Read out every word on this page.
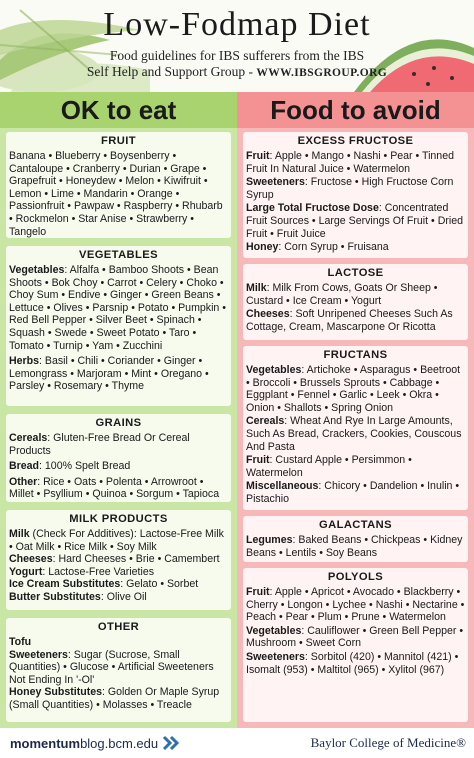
Low-Fodmap Diet
Food guidelines for IBS sufferers from the IBS
Self Help and Support Group - WWW.IBSGROUP.ORG
OK to eat
FRUIT

Banana • Blueberry • Boysenberry • Cantaloupe • Cranberry • Durian • Grape • Grapefruit • Honeydew • Melon • Kiwifruit • Lemon • Lime • Mandarin • Orange • Passionfruit • Pawpaw • Raspberry • Rhubarb • Rockmelon • Star Anise • Strawberry • Tangelo

VEGETABLES

Vegetables: Alfalfa • Bamboo Shoots • Bean Shoots • Bok Choy • Carrot • Celery • Choko • Choy Sum • Endive • Ginger • Green Beans • Lettuce • Olives • Parsnip • Potato • Pumpkin • Red Bell Pepper • Silver Beet • Spinach • Squash • Swede • Sweet Potato • Taro • Tomato • Turnip • Yam • Zucchini

Herbs: Basil • Chili • Coriander • Ginger • Lemongrass • Marjoram • Mint • Oregano • Parsley • Rosemary • Thyme

GRAINS

Cereals: Gluten-Free Bread Or Cereal Products

Bread: 100% Spelt Bread

Other: Rice • Oats • Polenta • Arrowroot • Millet • Psyllium • Quinoa • Sorgum • Tapioca

MILK PRODUCTS

Milk (Check For Additives): Lactose-Free Milk • Oat Milk • Rice Milk • Soy Milk

Cheeses: Hard Cheeses • Brie • Camembert

Yogurt: Lactose-Free Varieties

Ice Cream Substitutes: Gelato • Sorbet

Butter Substitutes: Olive Oil

OTHER

Tofu

Sweeteners: Sugar (Sucrose, Small Quantities) • Glucose • Artificial Sweeteners Not Ending In '-Ol'

Honey Substitutes: Golden Or Maple Syrup (Small Quantities) • Molasses • Treacle

Food to avoid
EXCESS FRUCTOSE

Fruit: Apple • Mango • Nashi • Pear • Tinned Fruit In Natural Juice • Watermelon

Sweeteners: Fructose • High Fructose Corn Syrup

Large Total Fructose Dose: Concentrated Fruit Sources • Large Servings Of Fruit • Dried Fruit • Fruit Juice

Honey: Corn Syrup • Fruisana

LACTOSE

Milk: Milk From Cows, Goats Or Sheep • Custard • Ice Cream • Yogurt

Cheeses: Soft Unripened Cheeses Such As Cottage, Cream, Mascarpone Or Ricotta

FRUCTANS

Vegetables: Artichoke • Asparagus • Beetroot • Broccoli • Brussels Sprouts • Cabbage • Eggplant • Fennel • Garlic • Leek • Okra • Onion • Shallots • Spring Onion

Cereals: Wheat And Rye In Large Amounts, Such As Bread, Crackers, Cookies, Couscous And Pasta

Fruit: Custard Apple • Persimmon • Watermelon

Miscellaneous: Chicory • Dandelion • Inulin • Pistachio

GALACTANS

Legumes: Baked Beans • Chickpeas • Kidney Beans • Lentils • Soy Beans

POLYOLS

Fruit: Apple • Apricot • Avocado • Blackberry • Cherry • Longon • Lychee • Nashi • Nectarine • Peach • Pear • Plum • Prune • Watermelon

Vegetables: Cauliflower • Green Bell Pepper • Mushroom • Sweet Corn

Sweeteners: Sorbitol (420) • Mannitol (421) • Isomalt (953) • Maltitol (965) • Xylitol (967)

momentumblog.bcm.edu	Baylor College of Medicine®
